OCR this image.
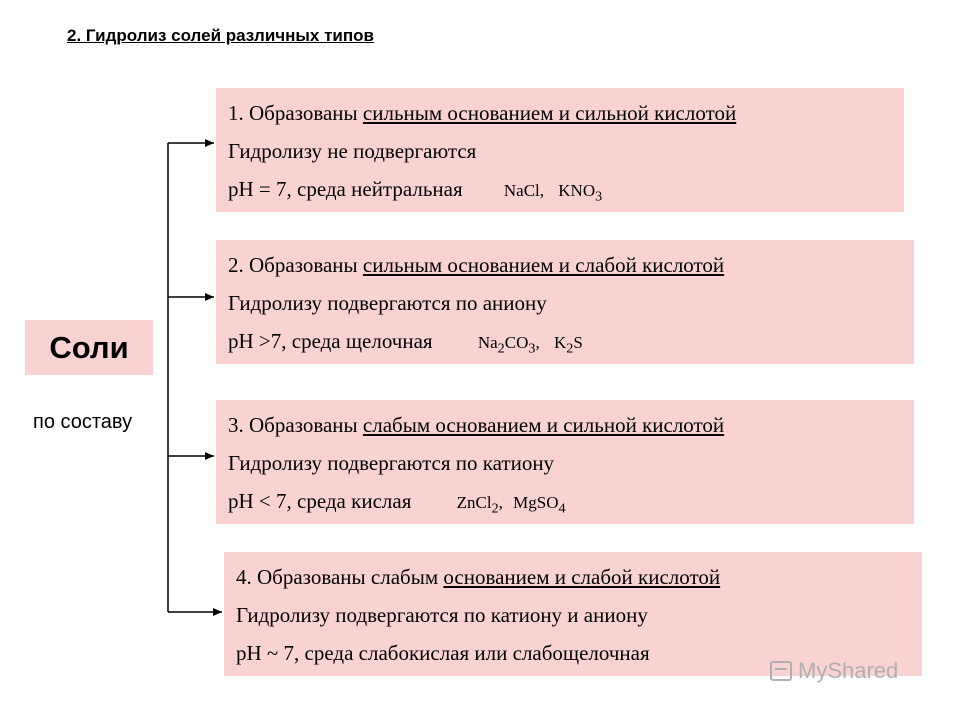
2. Гидролиз солей различных типов
Соли
по составу
1. Образованы сильным основанием и сильной кислотой
Гидролизу не подвергаются
pH = 7, среда нейтральная NaCl, $KNO_3$
2. Образованы сильным основанием и слабой кислотой
Гидролизу подвергаются по аниону
pH >7, среда щелочная	$Na_2CO_3$, $K_2S$
3. Образованы слабым основанием и сильной кислотой
Гидролизу подвергаются по катиону
pH < 7, среда кислая	ZnCl$_2$, MgSO$_4$
4. Образованы слабым основанием и слабой кислотой
Гидролизу подвергаются по катиону и аниону
pH ~ 7, среда слабокислая или слабощелочная
MyShared
